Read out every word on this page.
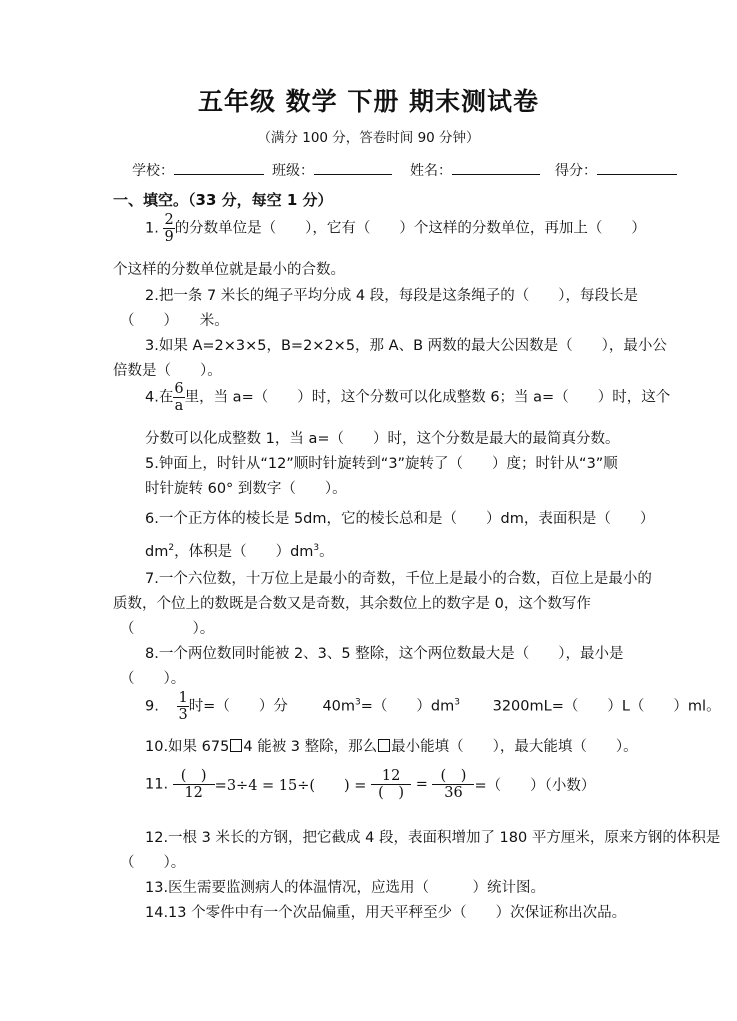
五年级 数学 下册 期末测试卷
（满分 100 分，答卷时间 90 分钟）
学校：	班级：	姓名：	得分：
一、填空。（33 分，每空 1 分）
1. $\frac{2}{9}$ 的分数单位是（　　），它有（　　）个这样的分数单位，再加上（　　）
个这样的分数单位就是最小的合数。
2.把一条 7 米长的绳子平均分成 4 段，每段是这条绳子的（　　），每段长是
（　　）　　米。
3.如果 A=2×3×5，B=2×2×5，那 A、B 两数的最大公因数是（　　），最小公
倍数是（　　）。
4.在 $\frac{6}{a}$ 里，当 a=（　　）时，这个分数可以化成整数 6；当 a=（　　）时，这个
分数可以化成整数 1，当 a=（　　）时，这个分数是最大的最简真分数。
5.钟面上，时针从“12”顺时针旋转到“3”旋转了（　　）度；时针从“3”顺
时针旋转 60° 到数字（　　）。
6.一个正方体的棱长是 5dm，它的棱长总和是（　　）dm，表面积是（　　）
$dm^2$，体积是（　　）$dm^3$。
7.一个六位数，十万位上是最小的奇数，千位上是最小的合数，百位上是最小的
质数，个位上的数既是合数又是奇数，其余数位上的数字是 0，这个数写作
（　　　　）。
8.一个两位数同时能被 2、3、5 整除，这个两位数最大是（　　），最小是
（　　）。
9. $\frac{1}{3}$ 时=（　　）分 $40m^3=$（　　）$dm^3$ 3200mL=（　　）L（　　）ml。
10.如果 675 4 能被 3 整除，那么 最小能填（　　），最大能填（　　）。
11. $\frac{( )}{12} =3\div 4 = 15\div$(　　) = $\frac{12}{( )} = \frac{( )}{36}$ =（　　）（小数）
12.一根 3 米长的方钢，把它截成 4 段，表面积增加了 180 平方厘米，原来方钢的体积是
（　　）。
13.医生需要监测病人的体温情况，应选用（　　　）统计图。
14.13 个零件中有一个次品偏重，用天平秤至少（　　）次保证称出次品。
